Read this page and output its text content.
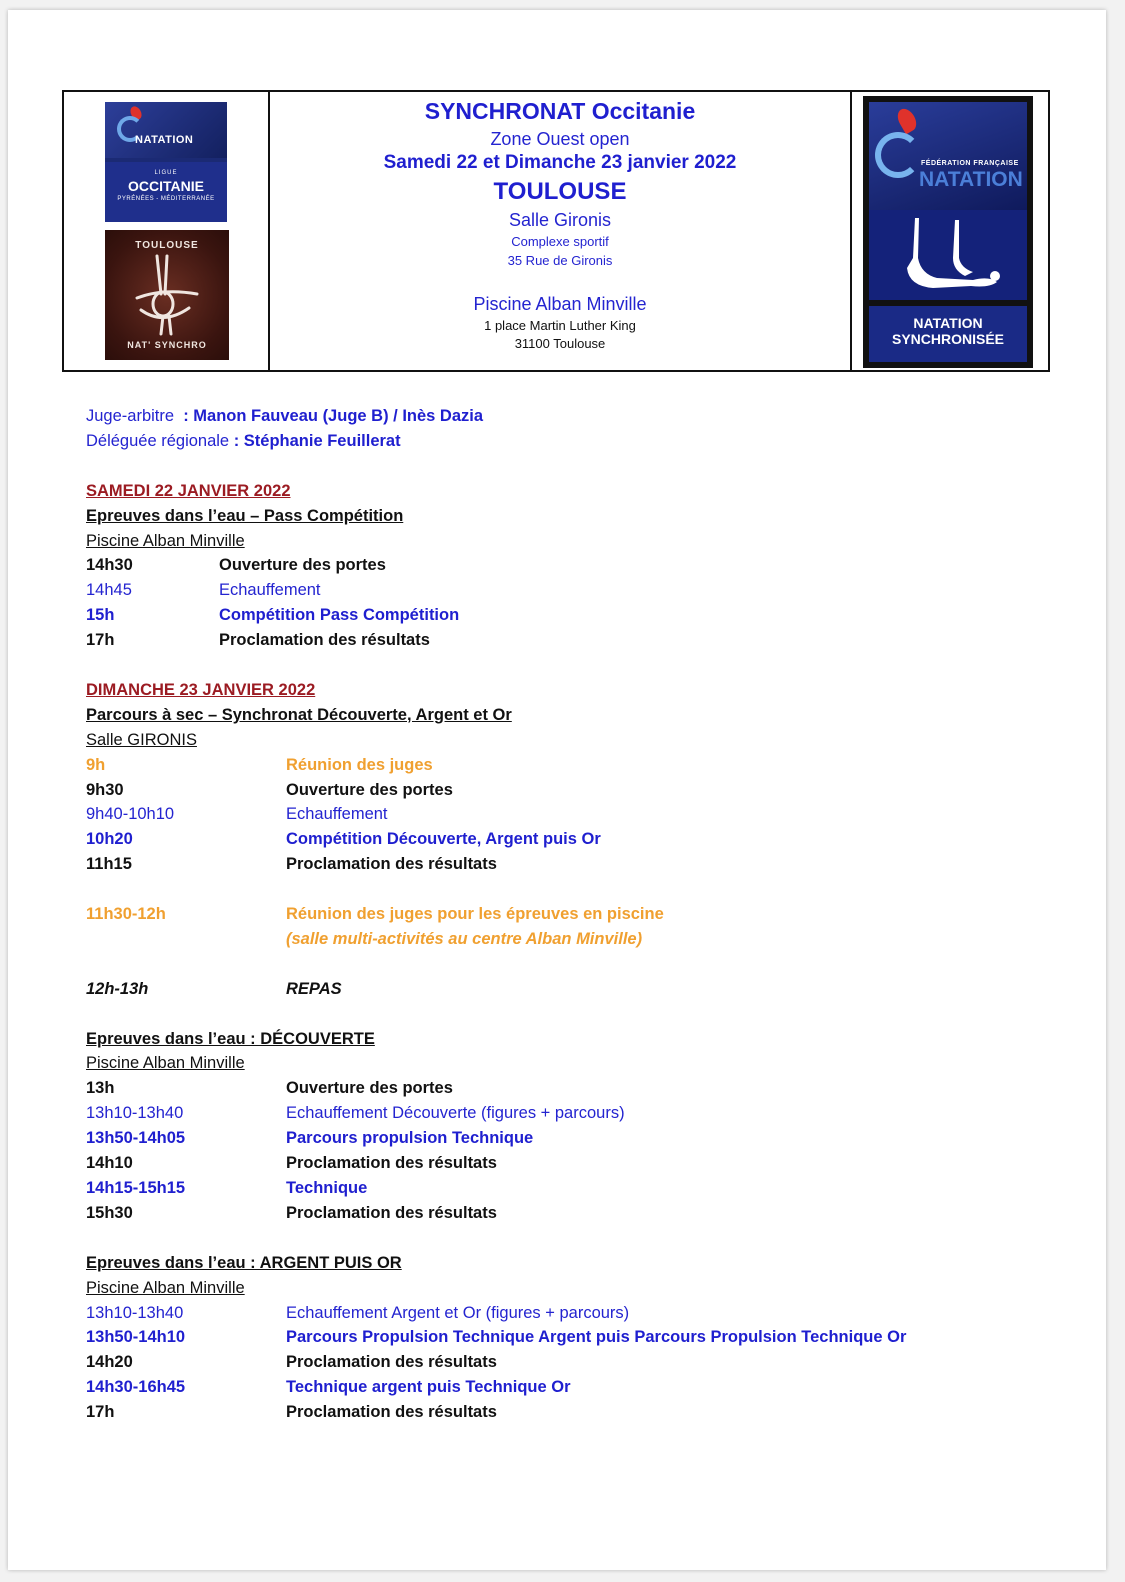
NATATION
LIGUE
OCCITANIE
PYRÉNÉES - MÉDITERRANÉE
TOULOUSE
NAT' SYNCHRO
SYNCHRONAT Occitanie
Zone Ouest open
Samedi 22 et Dimanche 23 janvier 2022
TOULOUSE
Salle Gironis
Complexe sportif
35 Rue de Gironis
Piscine Alban Minville
1 place Martin Luther King
31100 Toulouse
FÉDÉRATION FRANÇAISE
NATATION
NATATION
SYNCHRONISÉE
Juge-arbitre
: Manon Fauveau (Juge B) / Inès Dazia
Déléguée régionale
: Stéphanie Feuillerat
SAMEDI 22 JANVIER 2022
Epreuves dans l’eau – Pass Compétition
Piscine Alban Minville
14h30	Ouverture des portes
14h45	Echauffement
15h	Compétition Pass Compétition
17h	Proclamation des résultats
DIMANCHE 23 JANVIER 2022
Parcours à sec – Synchronat Découverte, Argent et Or
Salle GIRONIS
9h	Réunion des juges
9h30	Ouverture des portes
9h40-10h10	Echauffement
10h20	Compétition Découverte, Argent puis Or
11h15	Proclamation des résultats
11h30-12h	Réunion des juges pour les épreuves en piscine
(salle multi-activités au centre Alban Minville)
12h-13h	REPAS
Epreuves dans l’eau : DÉCOUVERTE
Piscine Alban Minville
13h	Ouverture des portes
13h10-13h40	Echauffement Découverte (figures + parcours)
13h50-14h05	Parcours propulsion Technique
14h10	Proclamation des résultats
14h15-15h15	Technique
15h30	Proclamation des résultats
Epreuves dans l’eau : ARGENT PUIS OR
Piscine Alban Minville
13h10-13h40	Echauffement Argent et Or (figures + parcours)
13h50-14h10	Parcours Propulsion Technique Argent puis Parcours Propulsion Technique Or
14h20	Proclamation des résultats
14h30-16h45	Technique argent puis Technique Or
17h	Proclamation des résultats
